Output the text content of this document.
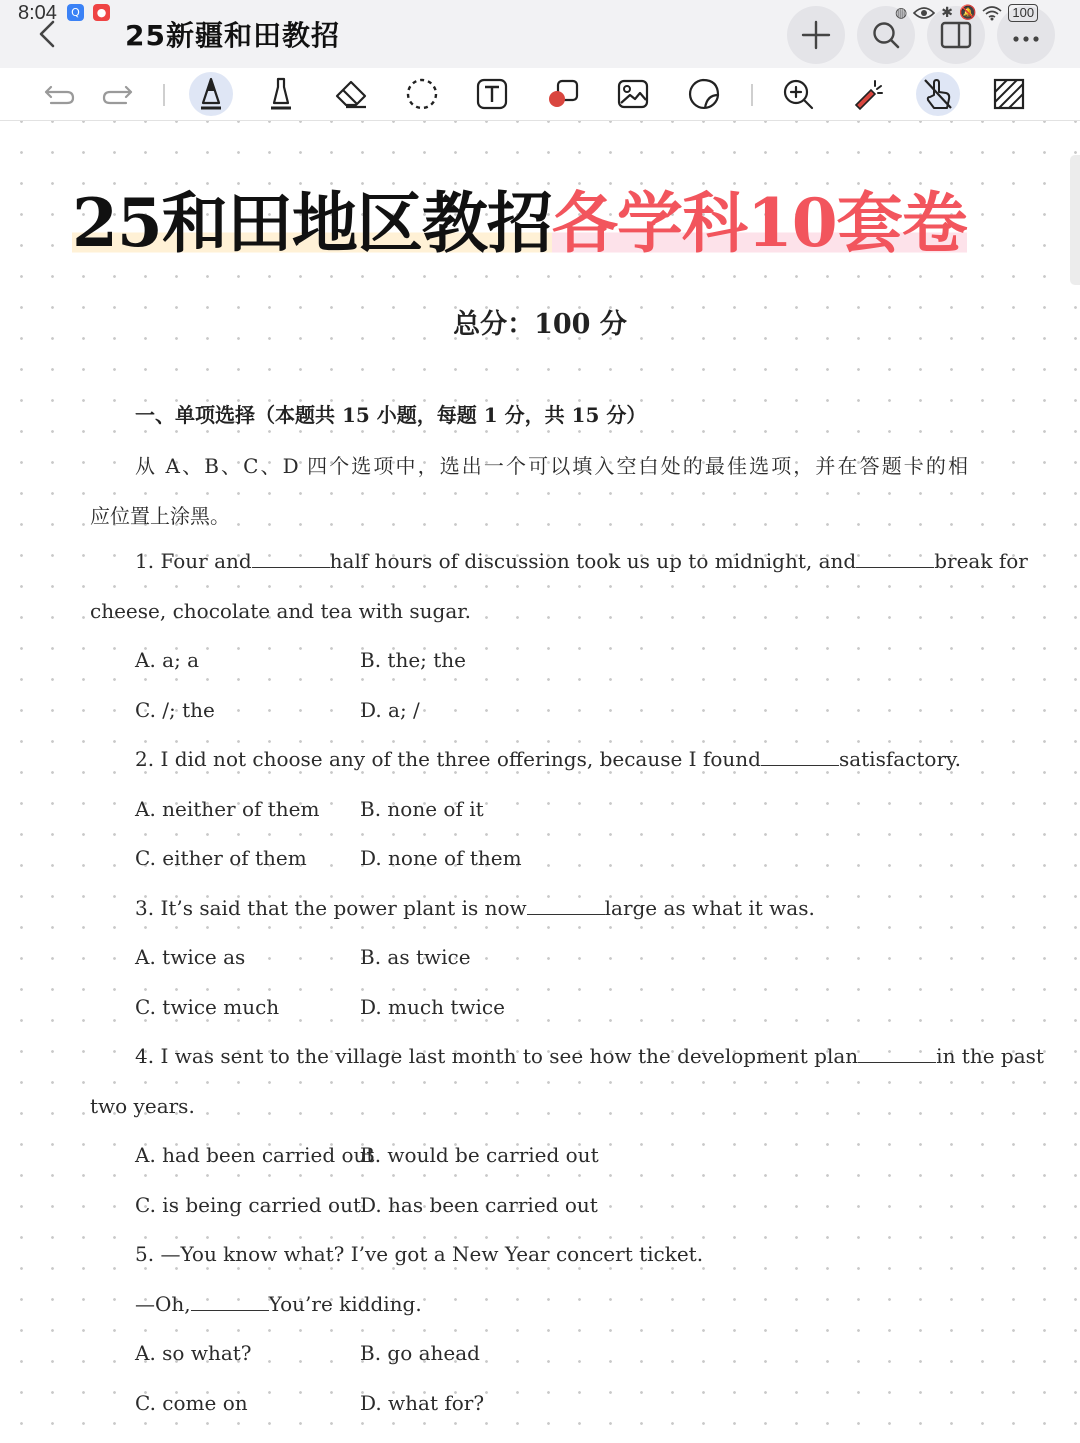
8:04	Q	●
25新疆和田教招
◍ ✱ 🔕	100
25和田地区教招各学科10套卷
总分：100 分
一、单项选择（本题共 15 小题，每题 1 分，共 15 分）
从 A、B、C、D 四个选项中，选出一个可以填入空白处的最佳选项，并在答题卡的相
应位置上涂黑。
1. Four and	half hours of discussion took us up to midnight, and	break for
cheese, chocolate and tea with sugar.
A. a; a	B. the; the
C. /; the	D. a; /
2. I did not choose any of the three offerings, because I found	satisfactory.
A. neither of them B. none of it
C. either of them	D. none of them
3. It’s said that the power plant is now	large as what it was.
A. twice as	B. as twice
C. twice much	D. much twice
4. I was sent to the village last month to see how the development plan	in the past
two years.
A. had been carried out
B. would be carried out
C. is being carried out D. has been carried out
5. —You know what? I’ve got a New Year concert ticket.
—Oh,	You’re kidding.
A. so what?	B. go ahead
C. come on	D. what for?
